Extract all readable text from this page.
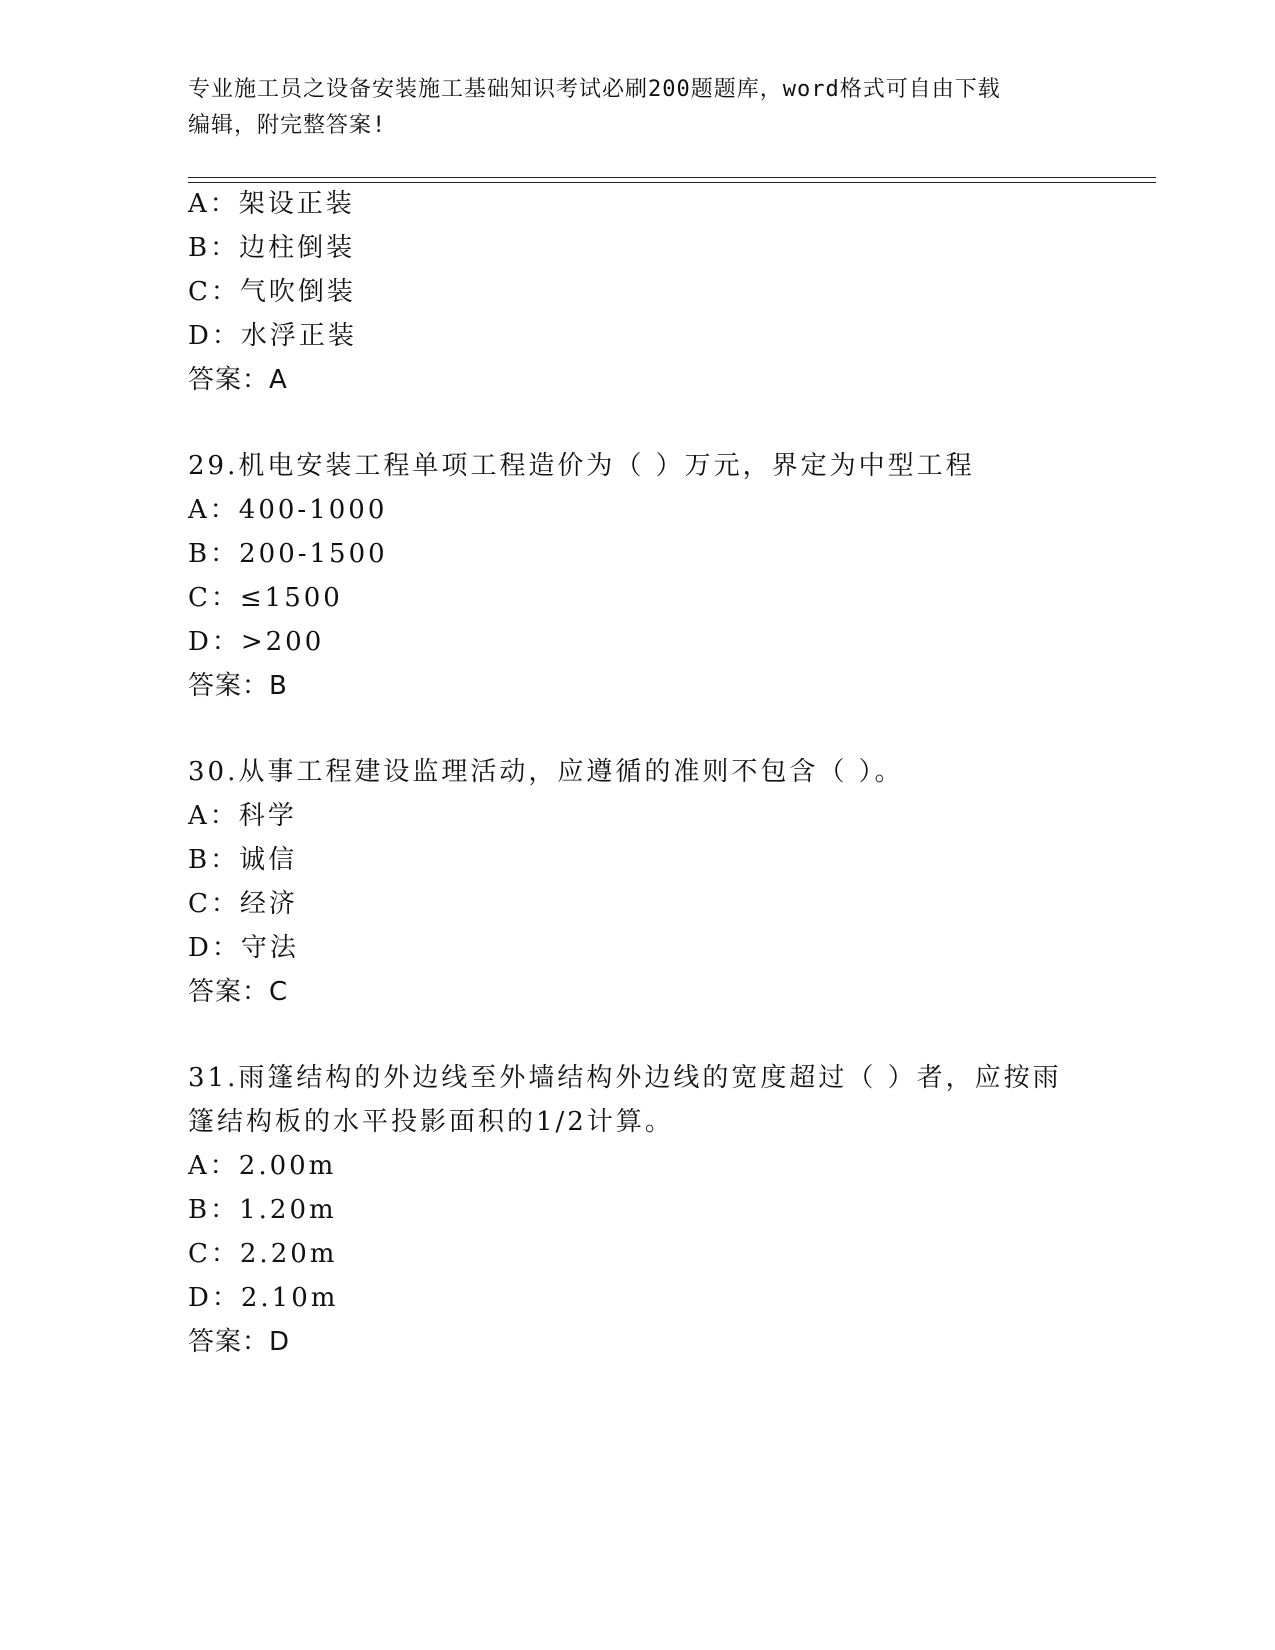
专业施工员之设备安装施工基础知识考试必刷200题题库，word格式可自由下载
编辑，附完整答案!
A：架设正装
B：边柱倒装
C：气吹倒装
D：水浮正装
答案：A
29.机电安装工程单项工程造价为（ ）万元，界定为中型工程
A：400-1000
B：200-1500
C：≤1500
D：>200
答案：B
30.从事工程建设监理活动，应遵循的准则不包含（ ）。
A：科学
B：诚信
C：经济
D：守法
答案：C
31.雨篷结构的外边线至外墙结构外边线的宽度超过（ ）者，应按雨
篷结构板的水平投影面积的1/2计算。
A：2.00m
B：1.20m
C：2.20m
D：2.10m
答案：D
